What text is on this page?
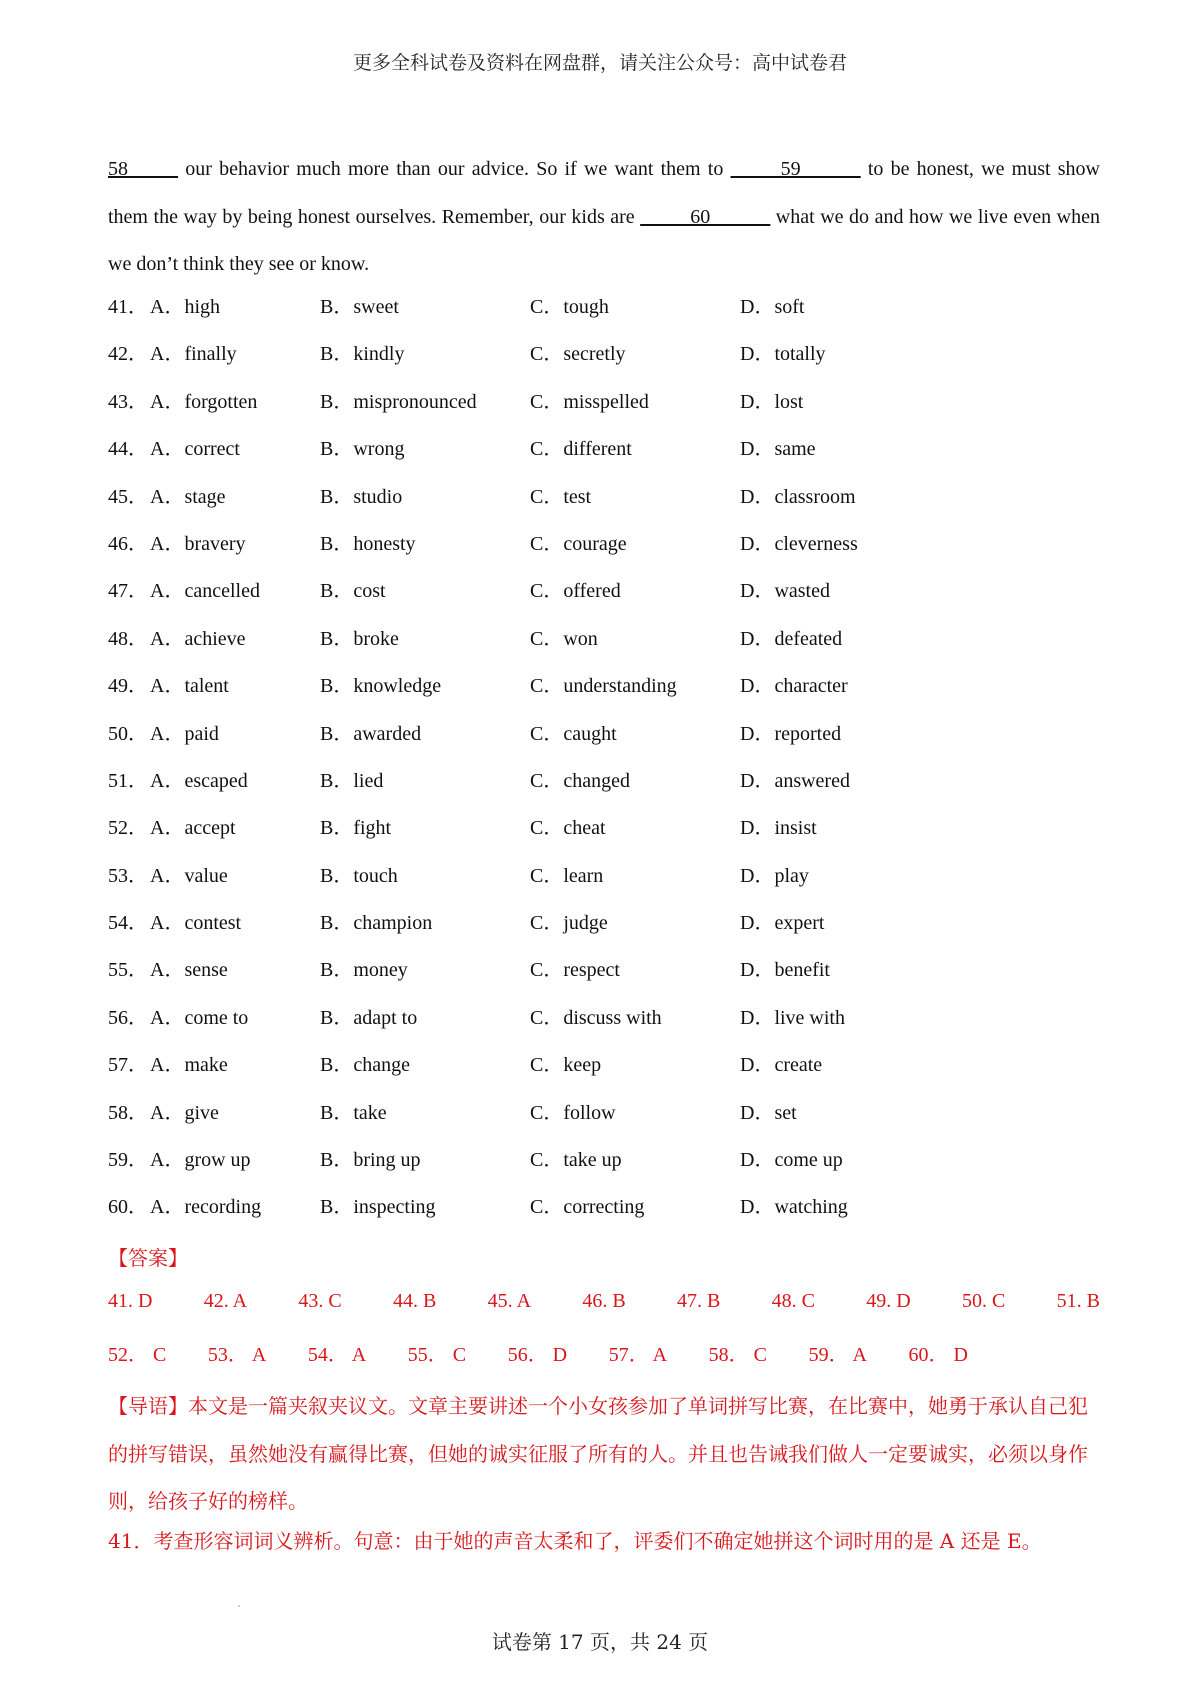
更多全科试卷及资料在网盘群，请关注公众号：高中试卷君
58_____ our behavior much more than our advice. So if we want them to _____59______ to be honest, we must show them the way by being honest ourselves. Remember, our kids are _____60______ what we do and how we live even when we don’t think they see or know.
41． A．high	B．sweet	C．tough	D．soft
42． A．finally	B．kindly	C．secretly	D．totally
43． A．forgotten	B．mispronounced	C．misspelled	D．lost
44． A．correct	B．wrong	C．different	D．same
45． A．stage	B．studio	C．test	D．classroom
46． A．bravery	B．honesty	C．courage	D．cleverness
47． A．cancelled	B．cost	C．offered	D．wasted
48． A．achieve	B．broke	C．won	D．defeated
49． A．talent	B．knowledge	C．understanding	D．character
50． A．paid	B．awarded	C．caught	D．reported
51． A．escaped	B．lied	C．changed	D．answered
52． A．accept	B．fight	C．cheat	D．insist
53． A．value	B．touch	C．learn	D．play
54． A．contest	B．champion	C．judge	D．expert
55． A．sense	B．money	C．respect	D．benefit
56． A．come to	B．adapt to	C．discuss with	D．live with
57． A．make	B．change	C．keep	D．create
58． A．give	B．take	C．follow	D．set
59． A．grow up	B．bring up	C．take up	D．come up
60． A．recording	B．inspecting	C．correcting	D．watching
【答案】
41. D	42. A	43. C	44. B	45. A	46. B	47. B	48. C	49. D	50. C	51. B
52． C 53． A 54． A 55． C 56． D 57． A 58． C 59． A 60． D
【导语】本文是一篇夹叙夹议文。文章主要讲述一个小女孩参加了单词拼写比赛，在比赛中，她勇于承认自己犯的拼写错误，虽然她没有赢得比赛，但她的诚实征服了所有的人。并且也告诫我们做人一定要诚实，必须以身作则，给孩子好的榜样。
41．考查形容词词义辨析。句意：由于她的声音太柔和了，评委们不确定她拼这个词时用的是 A 还是 E。
试卷第 17 页，共 24 页
